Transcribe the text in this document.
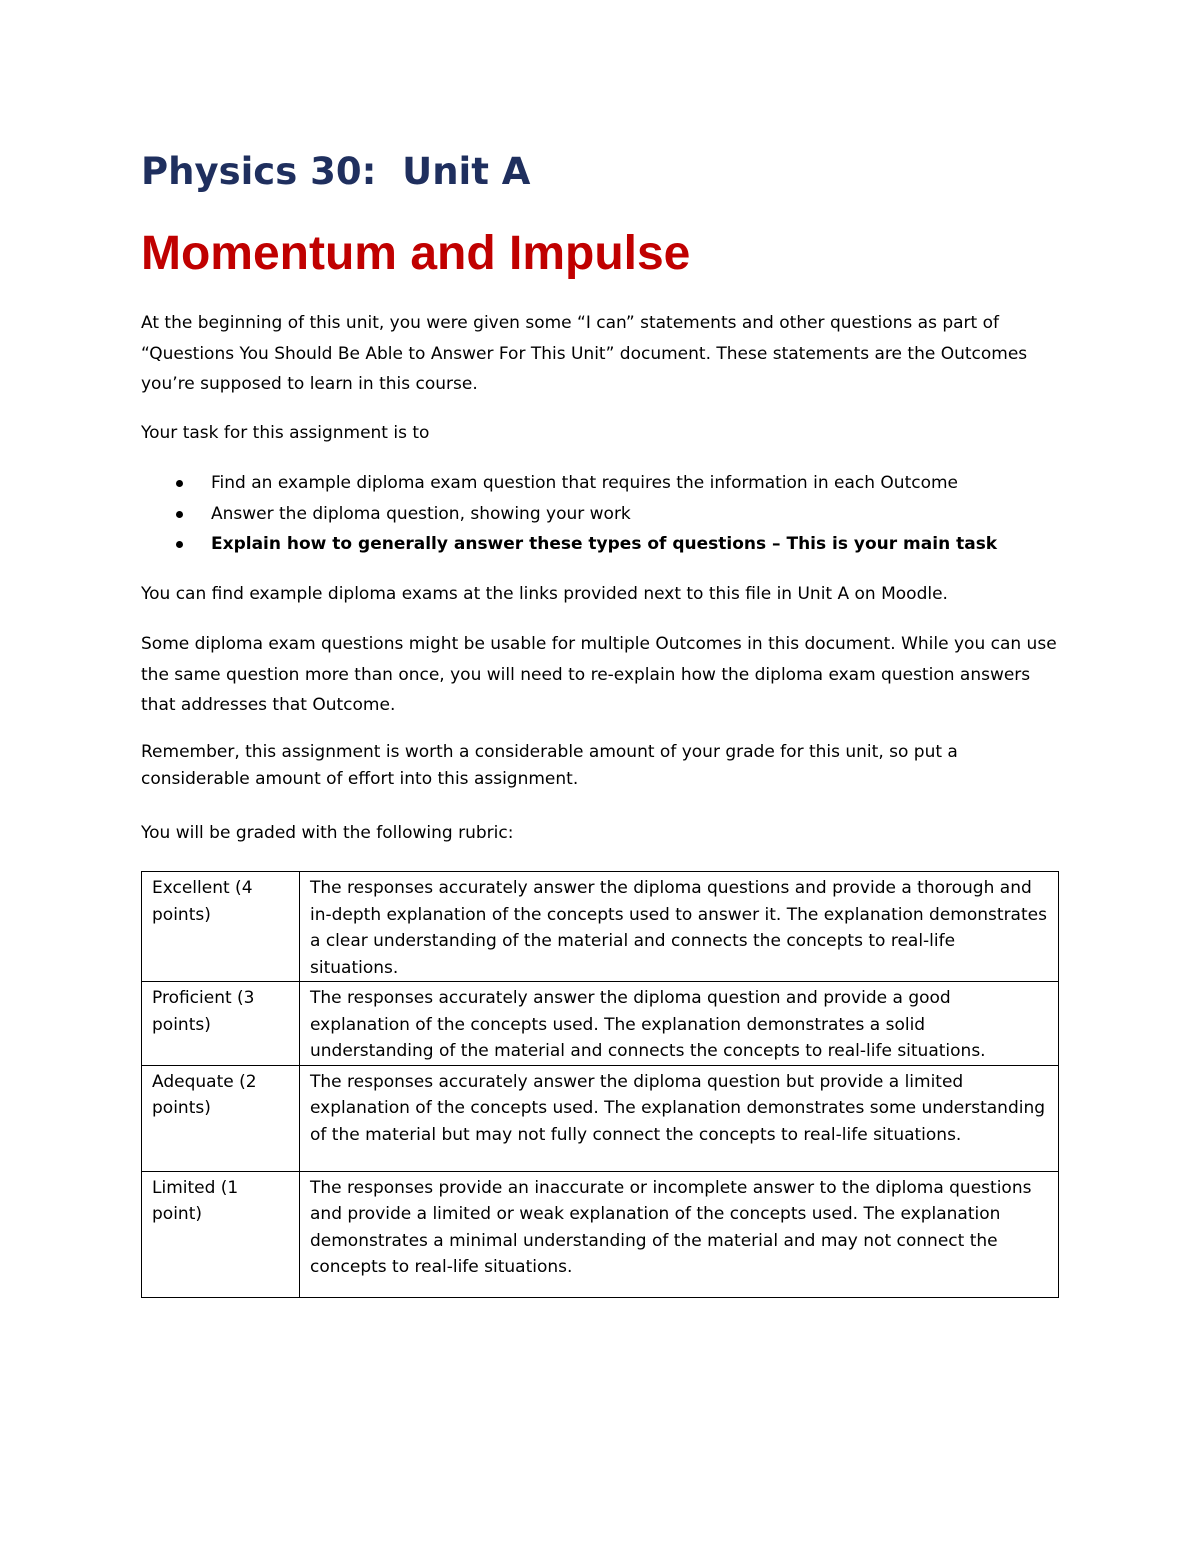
Physics 30:  Unit A
Momentum and Impulse

At the beginning of this unit, you were given some “I can” statements and other questions as part of “Questions You Should Be Able to Answer For This Unit” document. These statements are the Outcomes you’re supposed to learn in this course.

Your task for this assignment is to

Find an example diploma exam question that requires the information in each Outcome
Answer the diploma question, showing your work
Explain how to generally answer these types of questions – This is your main task

You can find example diploma exams at the links provided next to this file in Unit A on Moodle.

Some diploma exam questions might be usable for multiple Outcomes in this document. While you can use the same question more than once, you will need to re-explain how the diploma exam question answers that addresses that Outcome.

Remember, this assignment is worth a considerable amount of your grade for this unit, so put a considerable amount of effort into this assignment.

You will be graded with the following rubric:

Excellent (4 points)	The responses accurately answer the diploma questions and provide a thorough and in-depth explanation of the concepts used to answer it. The explanation demonstrates a clear understanding of the material and connects the concepts to real-life situations.
Proficient (3 points)	The responses accurately answer the diploma question and provide a good explanation of the concepts used. The explanation demonstrates a solid understanding of the material and connects the concepts to real-life situations.
Adequate (2 points)	The responses accurately answer the diploma question but provide a limited explanation of the concepts used. The explanation demonstrates some understanding of the material but may not fully connect the concepts to real-life situations.
Limited (1 point)	The responses provide an inaccurate or incomplete answer to the diploma questions and provide a limited or weak explanation of the concepts used. The explanation demonstrates a minimal understanding of the material and may not connect the concepts to real-life situations.
